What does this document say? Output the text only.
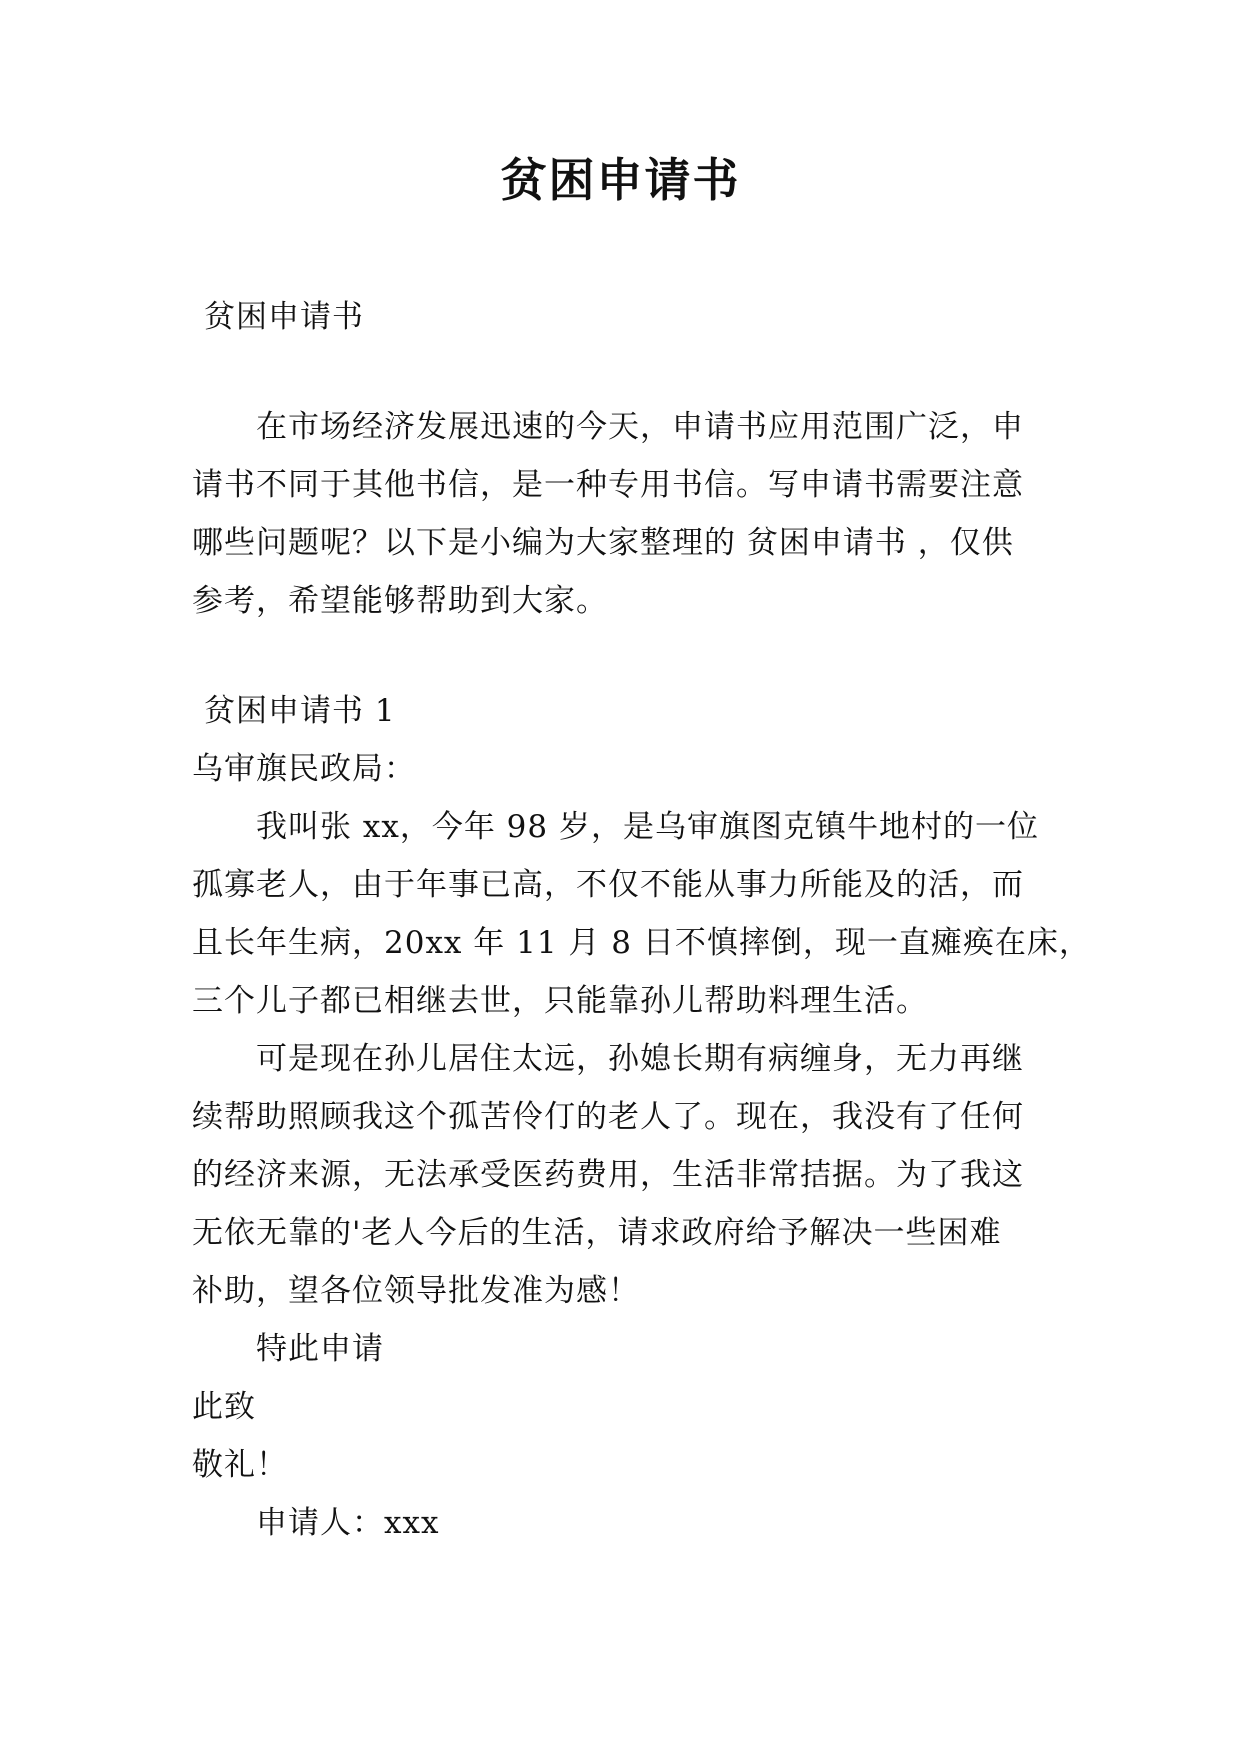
贫困申请书
贫困申请书
在市场经济发展迅速的今天，申请书应用范围广泛，申
请书不同于其他书信，是一种专用书信。写申请书需要注意
哪些问题呢？以下是小编为大家整理的 贫困申请书 ，仅供
参考，希望能够帮助到大家。
贫困申请书 1
乌审旗民政局：
我叫张 xx，今年 98 岁，是乌审旗图克镇牛地村的一位
孤寡老人，由于年事已高，不仅不能从事力所能及的活，而
且长年生病，20xx 年 11 月 8 日不慎摔倒，现一直瘫痪在床，
三个儿子都已相继去世，只能靠孙儿帮助料理生活。
可是现在孙儿居住太远，孙媳长期有病缠身，无力再继
续帮助照顾我这个孤苦伶仃的老人了。现在，我没有了任何
的经济来源，无法承受医药费用，生活非常拮据。为了我这
无依无靠的'老人今后的生活，请求政府给予解决一些困难
补助，望各位领导批发准为感！
特此申请
此致
敬礼！
申请人：xxx
